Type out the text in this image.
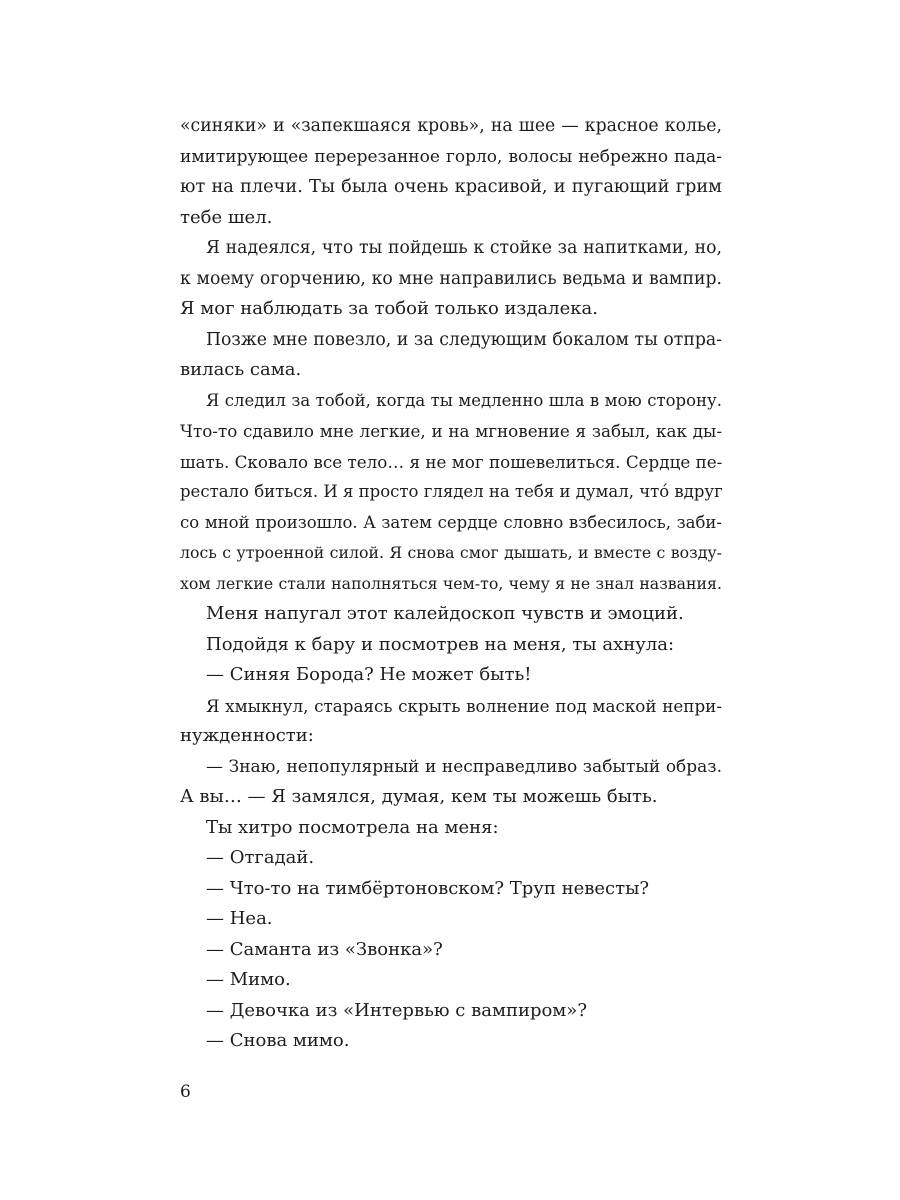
«синяки» и «запекшаяся кровь», на шее — красное колье,
имитирующее перерезанное горло, волосы небрежно пада-
ют на плечи. Ты была очень красивой, и пугающий грим
тебе шел.
Я надеялся, что ты пойдешь к стойке за напитками, но,
к моему огорчению, ко мне направились ведьма и вампир.
Я мог наблюдать за тобой только издалека.
Позже мне повезло, и за следующим бокалом ты отпра-
вилась сама.
Я следил за тобой, когда ты медленно шла в мою сторону.
Что-то сдавило мне легкие, и на мгновение я забыл, как ды-
шать. Сковало все тело… я не мог пошевелиться. Сердце пе-
рестало биться. И я просто глядел на тебя и думал, что́ вдруг
со мной произошло. А затем сердце словно взбесилось, заби-
лось с утроенной силой. Я снова смог дышать, и вместе с возду-
хом легкие стали наполняться чем-то, чему я не знал названия.
Меня напугал этот калейдоскоп чувств и эмоций.
Подойдя к бару и посмотрев на меня, ты ахнула:
— Синяя Борода? Не может быть!
Я хмыкнул, стараясь скрыть волнение под маской непри-
нужденности:
— Знаю, непопулярный и несправедливо забытый образ.
А вы… — Я замялся, думая, кем ты можешь быть.
Ты хитро посмотрела на меня:
— Отгадай.
— Что-то на тимбёртоновском? Труп невесты?
— Неа.
— Саманта из «Звонка»?
— Мимо.
— Девочка из «Интервью с вампиром»?
— Снова мимо.
6
